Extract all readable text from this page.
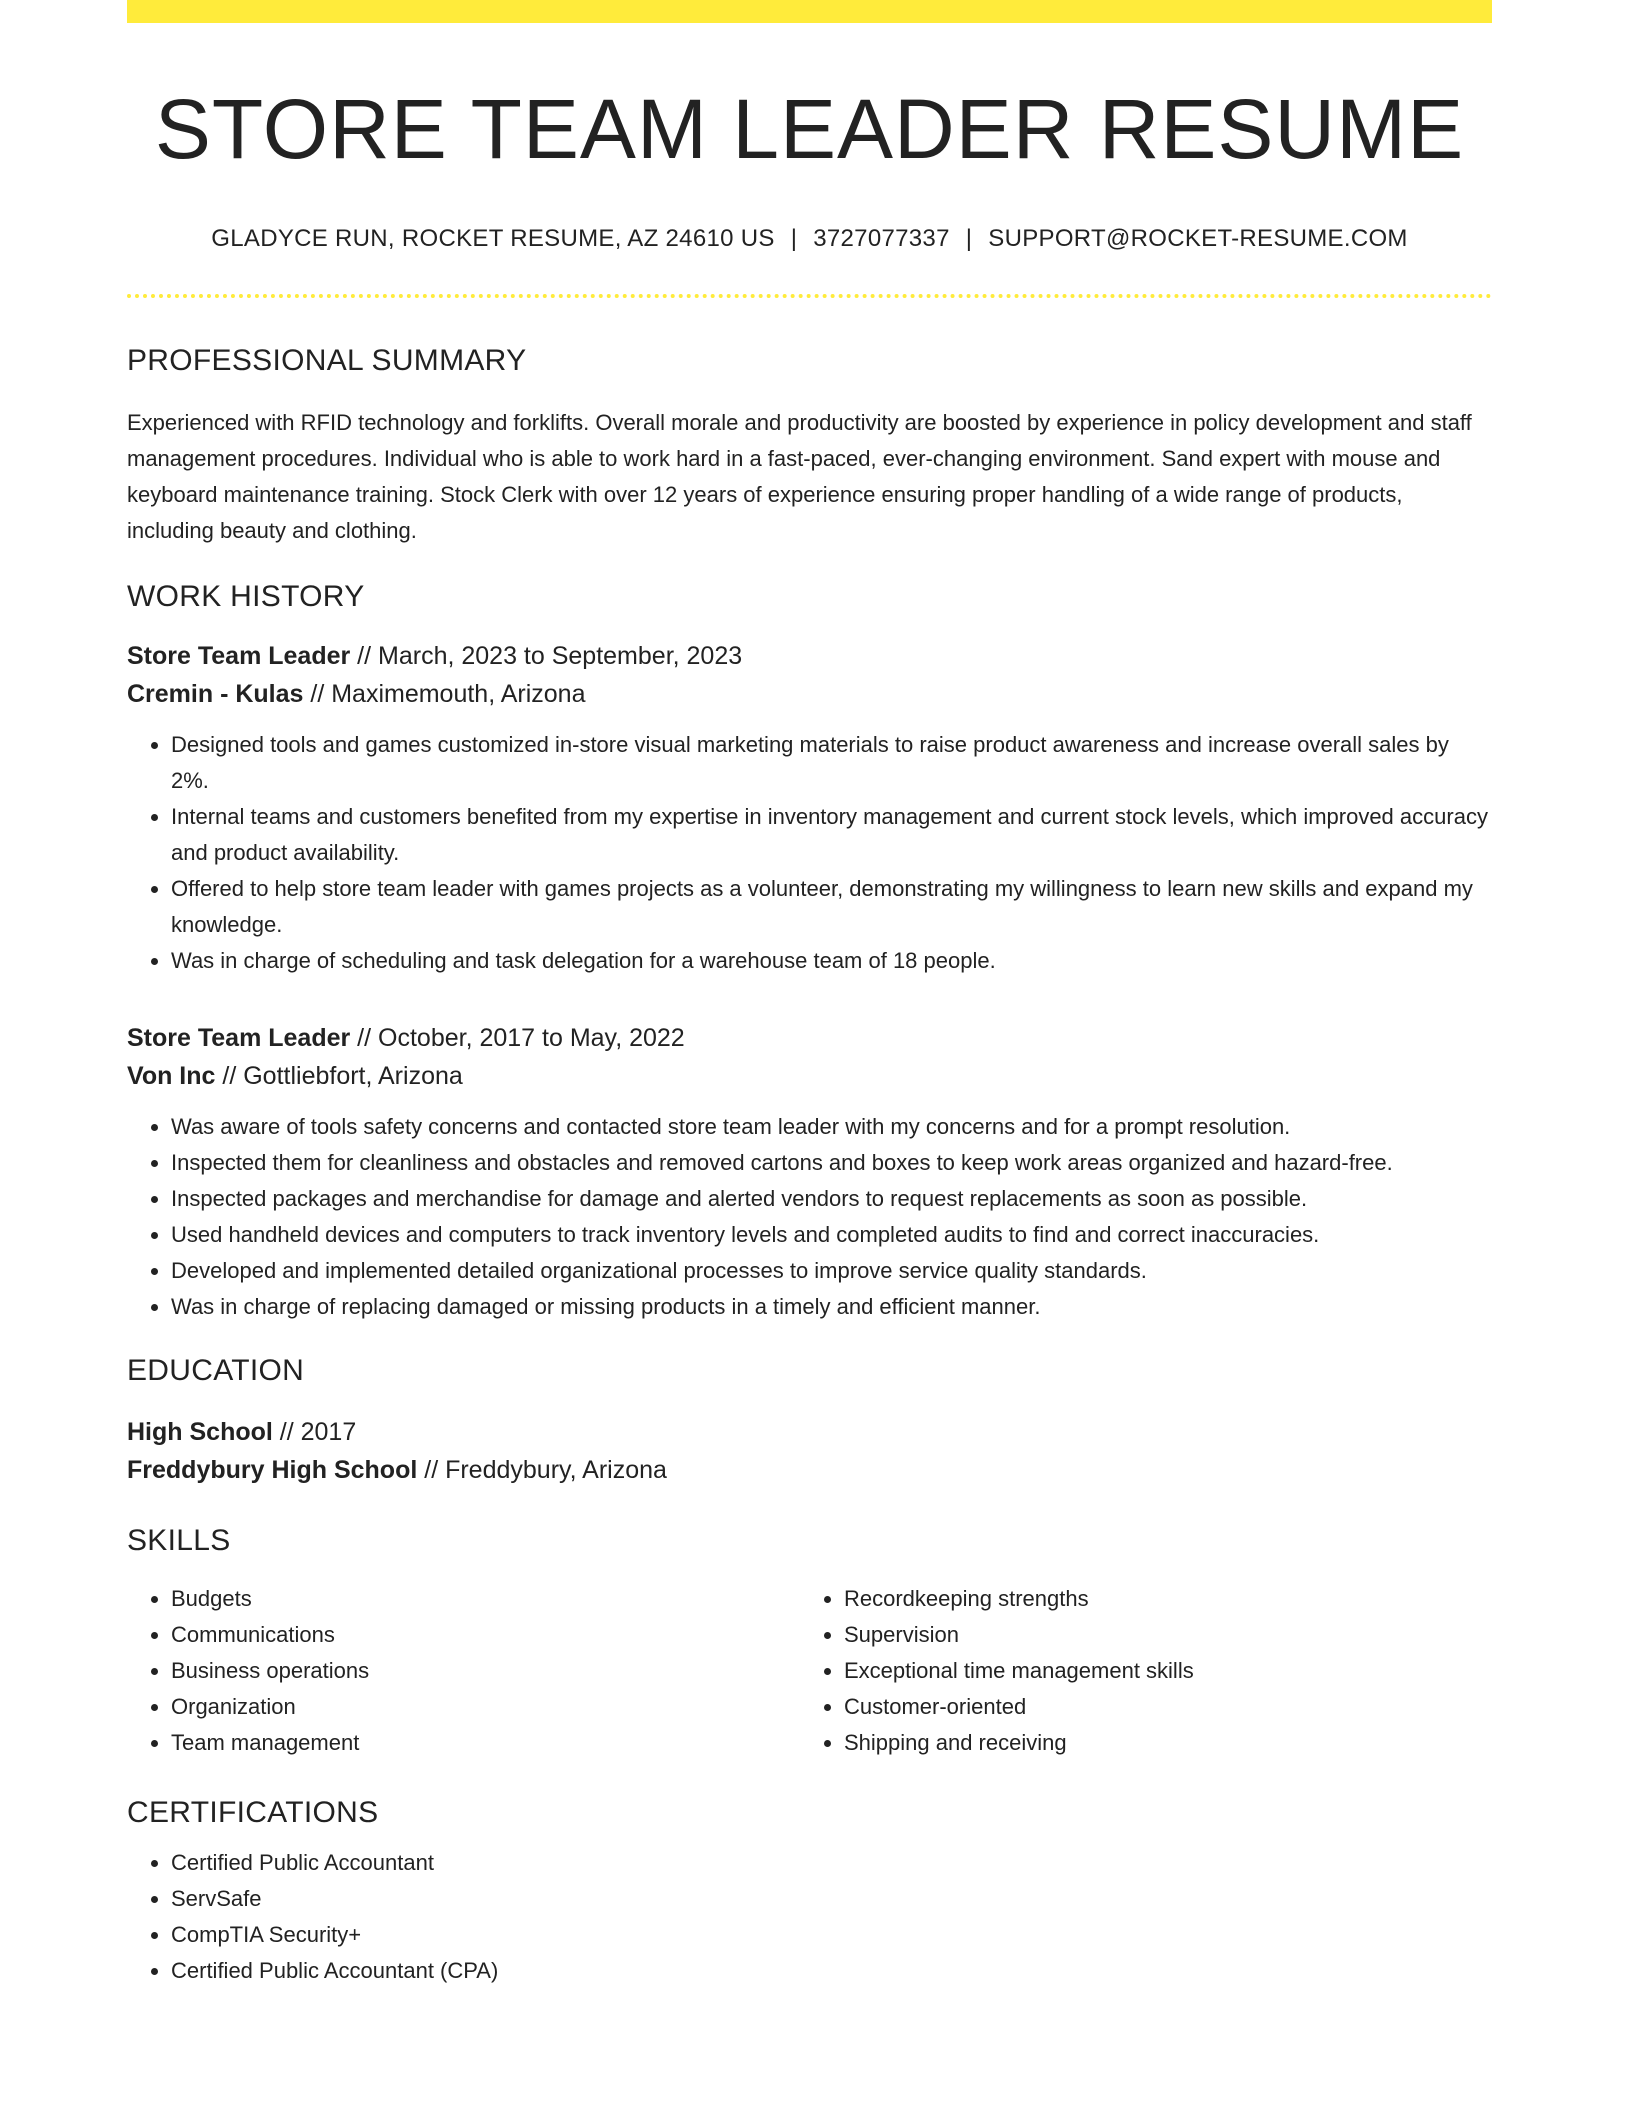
STORE TEAM LEADER RESUME
GLADYCE RUN, ROCKET RESUME, AZ 24610 US | 3727077337 | SUPPORT@ROCKET-RESUME.COM
PROFESSIONAL SUMMARY

Experienced with RFID technology and forklifts. Overall morale and productivity are boosted by experience in policy development and staff management procedures. Individual who is able to work hard in a fast-paced, ever-changing environment. Sand expert with mouse and keyboard maintenance training. Stock Clerk with over 12 years of experience ensuring proper handling of a wide range of products, including beauty and clothing.

WORK HISTORY
Store Team Leader // March, 2023 to September, 2023
Cremin - Kulas // Maximemouth, Arizona
• Designed tools and games customized in-store visual marketing materials to raise product awareness and increase overall sales by 2%.
• Internal teams and customers benefited from my expertise in inventory management and current stock levels, which improved accuracy and product availability.
• Offered to help store team leader with games projects as a volunteer, demonstrating my willingness to learn new skills and expand my knowledge.
• Was in charge of scheduling and task delegation for a warehouse team of 18 people.
Store Team Leader // October, 2017 to May, 2022
Von Inc // Gottliebfort, Arizona
• Was aware of tools safety concerns and contacted store team leader with my concerns and for a prompt resolution.
• Inspected them for cleanliness and obstacles and removed cartons and boxes to keep work areas organized and hazard-free.
• Inspected packages and merchandise for damage and alerted vendors to request replacements as soon as possible.
• Used handheld devices and computers to track inventory levels and completed audits to find and correct inaccuracies.
• Developed and implemented detailed organizational processes to improve service quality standards.
• Was in charge of replacing damaged or missing products in a timely and efficient manner.
EDUCATION
High School // 2017
Freddybury High School // Freddybury, Arizona
SKILLS
• Budgets
• Communications
• Business operations
• Organization
• Team management
• Recordkeeping strengths
• Supervision
• Exceptional time management skills
• Customer-oriented
• Shipping and receiving
CERTIFICATIONS
• Certified Public Accountant
• ServSafe
• CompTIA Security+
• Certified Public Accountant (CPA)
